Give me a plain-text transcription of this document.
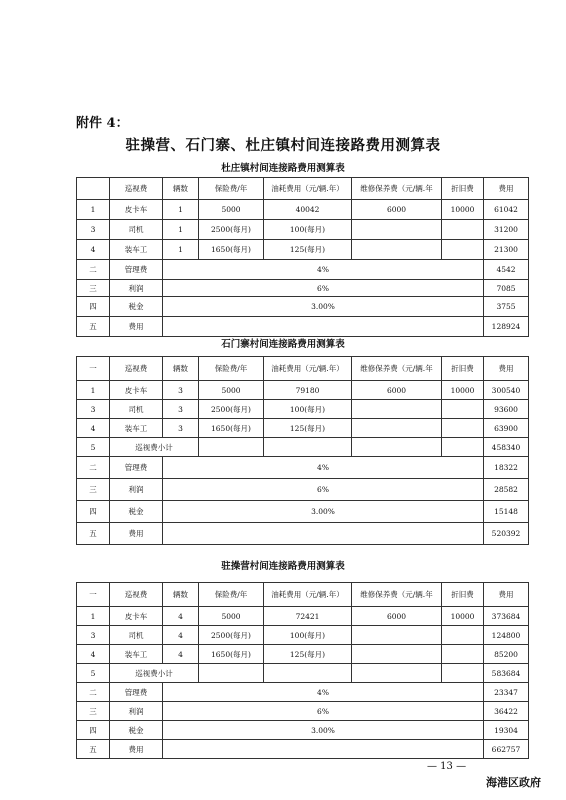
附件 4：
驻操营、石门寨、杜庄镇村间连接路费用测算表
杜庄镇村间连接路费用测算表
	巡视费	辆数	保险费/年	油耗费用（元/辆.年）	维修保养费（元/辆.年	折旧费	费用
1	皮卡车	1	5000	40042	6000	10000	61042
3	司机	1	2500(每月)	100(每月)			31200
4	装车工	1	1650(每月)	125(每月)			21300
二	管理费	4%					4542
三	利润	6%					7085
四	税金	3.00%					3755
五	费用						128924
石门寨村间连接路费用测算表
一	巡视费	辆数	保险费/年	油耗费用（元/辆.年）	维修保养费（元/辆.年	折旧费	费用
1	皮卡车	3	5000	79180	6000	10000	300540
3	司机	3	2500(每月)	100(每月)			93600
4	装车工	3	1650(每月)	125(每月)			63900
5	巡视费小计						458340
二	管理费	4%					18322
三	利润	6%					28582
四	税金	3.00%					15148
五	费用						520392
驻操营村间连接路费用测算表
一	巡视费	辆数	保险费/年	油耗费用（元/辆.年）	维修保养费（元/辆.年	折旧费	费用
1	皮卡车	4	5000	72421	6000	10000	373684
3	司机	4	2500(每月)	100(每月)			124800
4	装车工	4	1650(每月)	125(每月)			85200
5	巡视费小计						583684
二	管理费	4%					23347
三	利润	6%					36422
四	税金	3.00%					19304
五	费用						662757
— 13 —
海港区政府
